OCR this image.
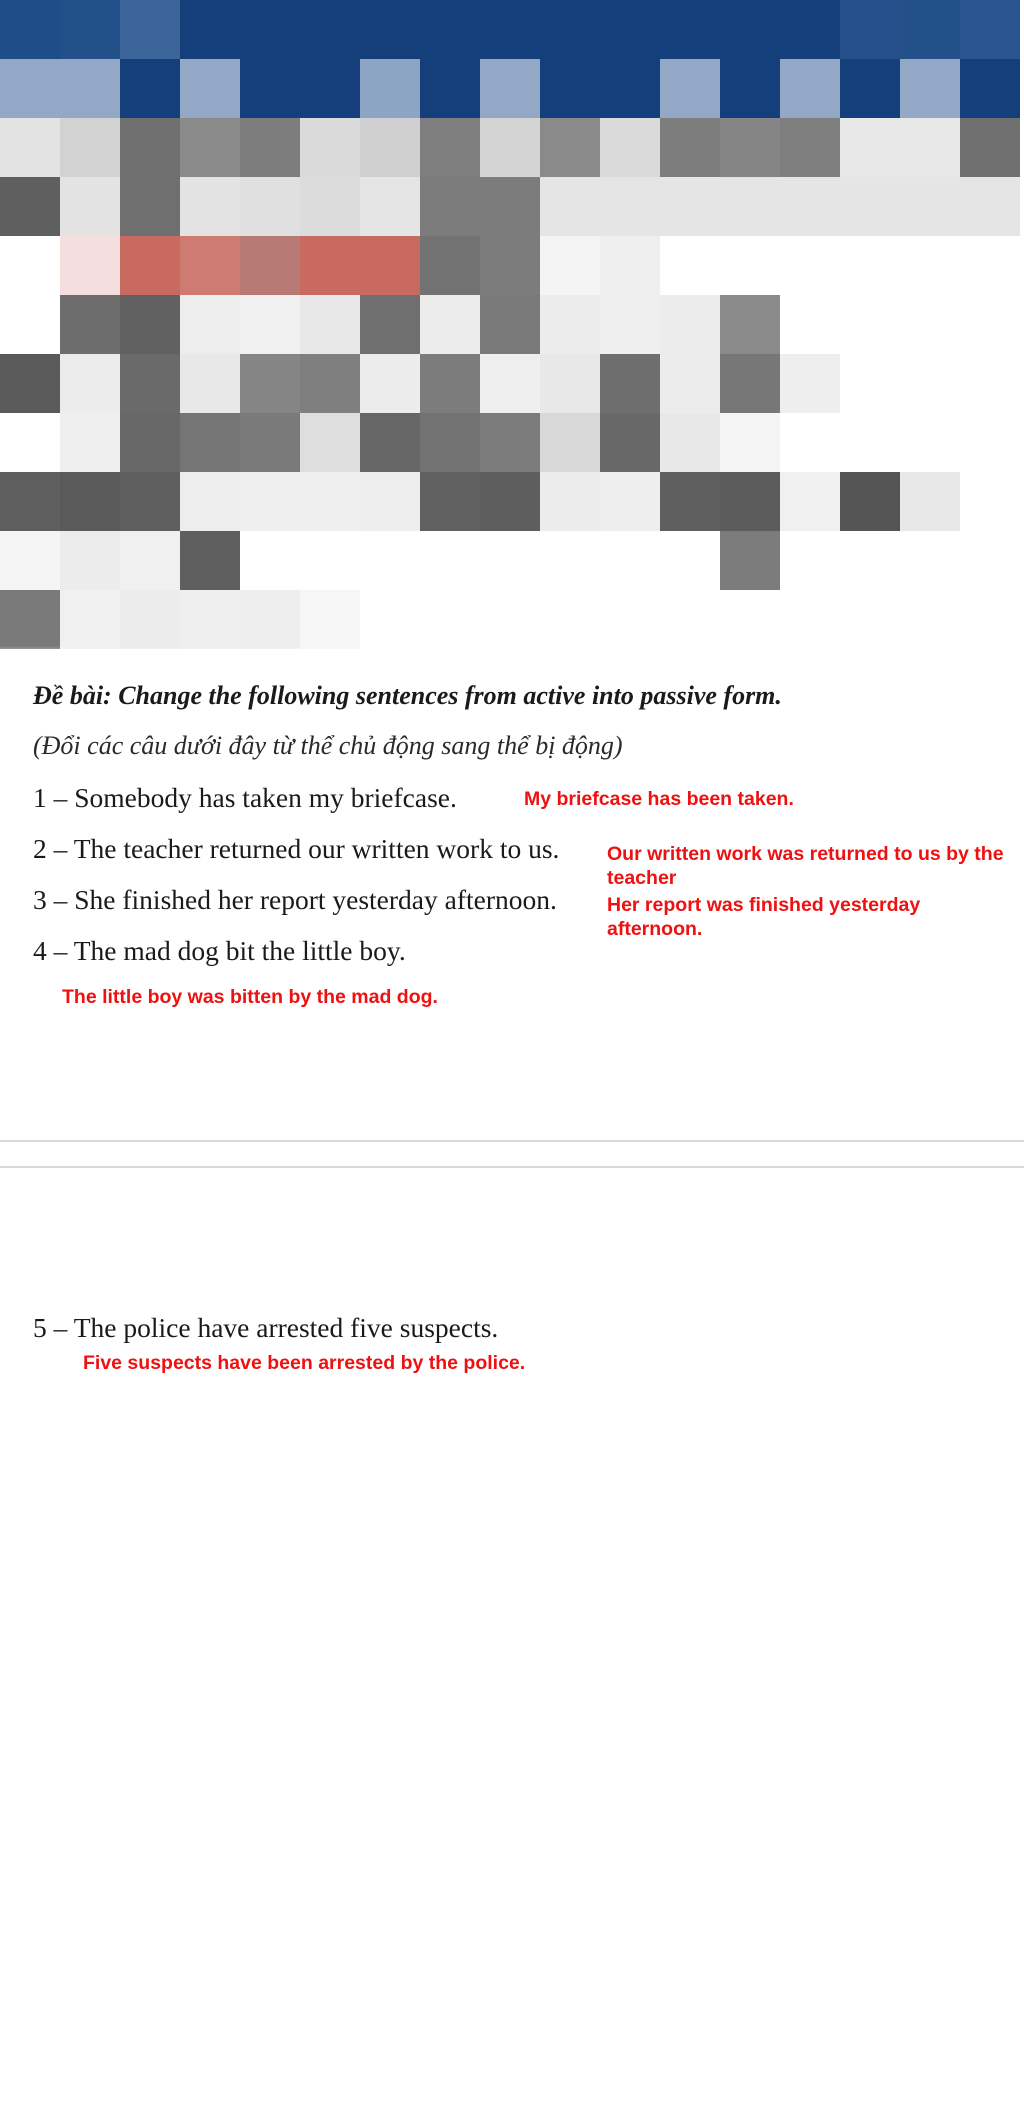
Đề bài: Change the following sentences from active into passive form.
(Đổi các câu dưới đây từ thể chủ động sang thể bị động)
1 – Somebody has taken my briefcase.	My briefcase has been taken.
2 – The teacher returned our written work to us. Our written work was returned to us by the teacher
3 – She finished her report yesterday afternoon.	Her report was finished yesterday afternoon.
4 – The mad dog bit the little boy.
The little boy was bitten by the mad dog.
5 – The police have arrested five suspects.
Five suspects have been arrested by the police.
